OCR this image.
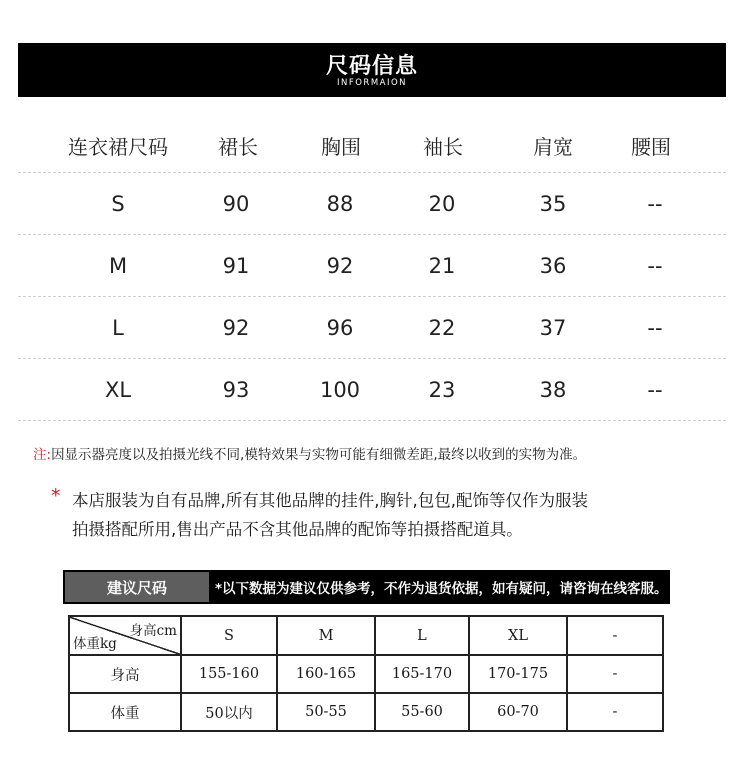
尺码信息
INFORMAION
连衣裙尺码	裙长	胸围	袖长	肩宽	腰围
S	90	88	20	35	--
M	91	92	21	36	--
L	92	96	22	37	--
XL	93	100	23	38	--
注:因显示器亮度以及拍摄光线不同,模特效果与实物可能有细微差距,最终以收到的实物为准。
* 本店服装为自有品牌,所有其他品牌的挂件,胸针,包包,配饰等仅作为服装
拍摄搭配所用,售出产品不含其他品牌的配饰等拍摄搭配道具。
建议尺码	*以下数据为建议仅供参考，不作为退货依据，如有疑问，请咨询在线客服。
身高cm
体重kg	S	M	L	XL	-
身高	155-160	160-165	165-170	170-175	-
体重	50以内	50-55	55-60	60-70	-
